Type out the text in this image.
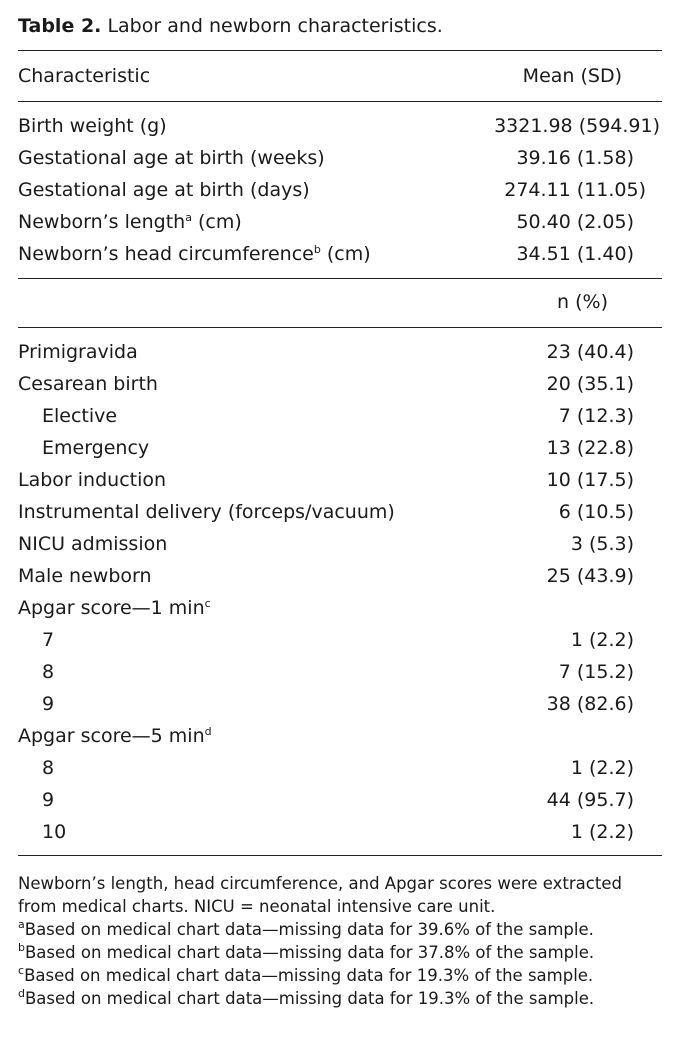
Table 2. Labor and newborn characteristics.
Characteristic	Mean (SD)
Birth weight (g)	3321.98 (594.91)
Gestational age at birth (weeks)	39.16 (1.58)
Gestational age at birth (days)	274.11 (11.05)
Newborn’s length$^a$ (cm)	50.40 (2.05)
Newborn’s head circumference$^b$ (cm)	34.51 (1.40)
n (%)
Primigravida	23 (40.4)
Cesarean birth	20 (35.1)
Elective	7 (12.3)
Emergency	13 (22.8)
Labor induction	10 (17.5)
Instrumental delivery (forceps/vacuum)	6 (10.5)
NICU admission	3 (5.3)
Male newborn	25 (43.9)
Apgar score—1 $\min^c$
7	1 (2.2)
8	7 (15.2)
9	38 (82.6)
Apgar score—5 $\min^d$
8	1 (2.2)
9	44 (95.7)
10	1 (2.2)

Newborn’s length, head circumference, and Apgar scores were extracted from medical charts. NICU = neonatal intensive care unit.

$^a$Based on medical chart data—missing data for 39.6% of the sample.

$^b$Based on medical chart data—missing data for 37.8% of the sample.

$^c$Based on medical chart data—missing data for 19.3% of the sample.

$^d$Based on medical chart data—missing data for 19.3% of the sample.
